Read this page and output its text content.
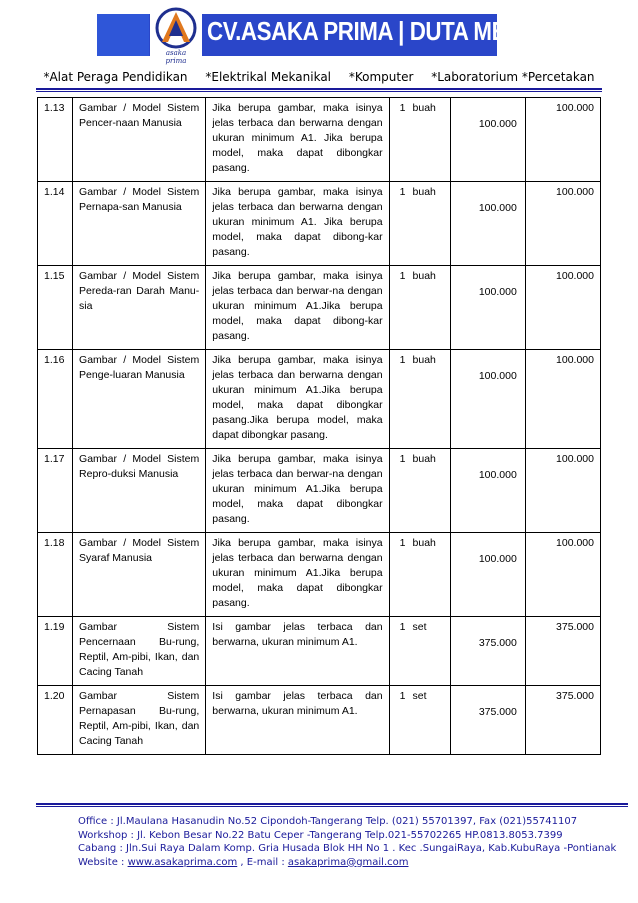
asaka prima
CV.ASAKA PRIMA | DUTA MEDIA GROUP
*Alat Peraga Pendidikan *Elektrikal Mekanikal *Komputer *Laboratorium *Percetakan
1.13	Gambar / Model Sistem Pencer-naan Manusia	Jika berupa gambar, maka isinya jelas terbaca dan berwarna dengan ukuran minimum A1. Jika berupa model, maka dapat dibongkar pasang.	1 buah	100.000	100.000
1.14	Gambar / Model Sistem Pernapa-san Manusia	Jika berupa gambar, maka isinya jelas terbaca dan berwarna dengan ukuran minimum A1. Jika berupa model, maka dapat dibong-kar pasang.	1 buah	100.000	100.000
1.15	Gambar / Model Sistem Pereda-ran Darah Manu-sia	Jika berupa gambar, maka isinya jelas terbaca dan berwar-na dengan ukuran minimum A1.Jika berupa model, maka dapat dibong-kar pasang.	1 buah	100.000	100.000
1.16	Gambar / Model Sistem Penge-luaran Manusia	Jika berupa gambar, maka isinya jelas terbaca dan berwarna dengan ukuran minimum A1.Jika berupa model, maka dapat dibongkar pasang.Jika berupa model, maka dapat dibongkar pasang.	1 buah	100.000	100.000
1.17	Gambar / Model Sistem Repro-duksi Manusia	Jika berupa gambar, maka isinya jelas terbaca dan berwar-na dengan ukuran minimum A1.Jika berupa model, maka dapat dibongkar pasang.	1 buah	100.000	100.000
1.18	Gambar / Model Sistem Syaraf Manusia	Jika berupa gambar, maka isinya jelas terbaca dan berwarna dengan ukuran minimum A1.Jika berupa model, maka dapat dibongkar pasang.	1 buah	100.000	100.000
1.19	Gambar Sistem Pencernaan Bu-rung, Reptil, Am-pibi, Ikan, dan Cacing Tanah	Isi gambar jelas terbaca dan berwarna, ukuran minimum A1.	1 set	375.000	375.000
1.20	Gambar Sistem Pernapasan Bu-rung, Reptil, Am-pibi, Ikan, dan Cacing Tanah	Isi gambar jelas terbaca dan berwarna, ukuran minimum A1.	1 set	375.000	375.000
Office : Jl.Maulana Hasanudin No.52 Cipondoh-Tangerang Telp. (021) 55701397, Fax (021)55741107
Workshop : Jl. Kebon Besar No.22 Batu Ceper -Tangerang Telp.021-55702265 HP.0813.8053.7399
Cabang : Jln.Sui Raya Dalam Komp. Gria Husada Blok HH No 1 . Kec .SungaiRaya, Kab.KubuRaya -Pontianak
Website : www.asakaprima.com , E-mail : asakaprima@gmail.com
